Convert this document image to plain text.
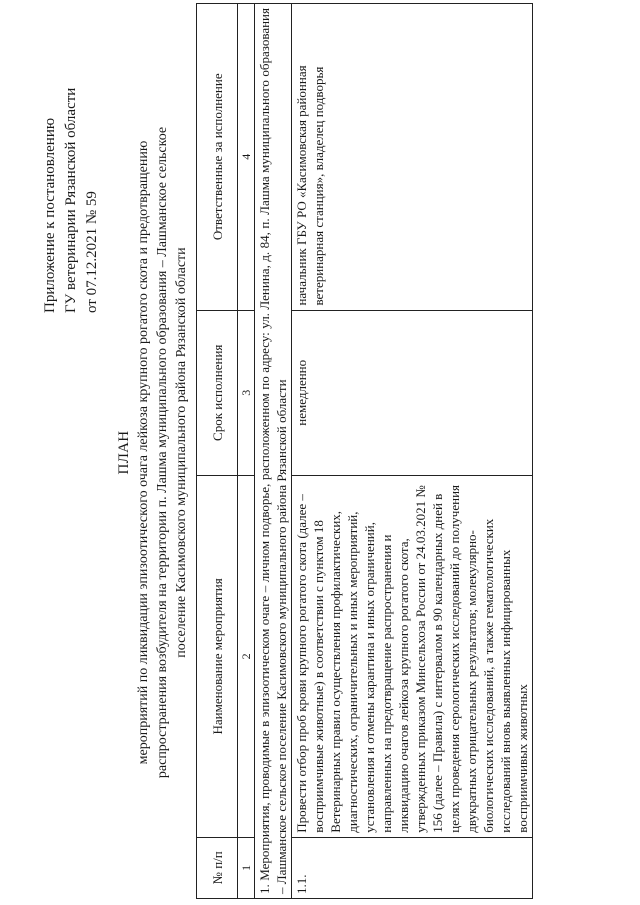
Приложение к постановлению ГУ ветеринарии Рязанской области от 07.12.2021 № 59
ПЛАН мероприятий по ликвидации эпизоотического очага лейкоза крупного рогатого скота и предотвращению распространения возбудителя на территории п. Лашма муниципального образования – Лашманское сельское поселение Касимовского муниципального района Рязанской области
№ п/п	Наименование мероприятия	Срок исполнения	Ответственные за исполнение
1	2	3	4
1. Мероприятия, проводимые в эпизоотическом очаге – личном подворье, расположенном по адресу: ул. Ленина, д. 84, п. Лашма муниципального образования – Лашманское сельское поселение Касимовского муниципального района Рязанской области			
1.1.	Провести отбор проб крови крупного рогатого скота (далее – восприимчивые животные) в соответствии с пунктом 18 Ветеринарных правил осуществления профилактических, диагностических, ограничительных и иных мероприятий, установления и отмены карантина и иных ограничений, направленных на предотвращение распространения и ликвидацию очагов лейкоза крупного рогатого скота, утвержденных приказом Минсельхоза России от 24.03.2021 № 156 (далее – Правила) с интервалом в 90 календарных дней в целях проведения серологических исследований до получения двукратных отрицательных результатов; молекулярно-биологических исследований, а также гематологических исследований вновь выявленных инфицированных восприимчивых животных	немедленно	начальник ГБУ РО «Касимовская районная ветеринарная станция», владелец подворья
